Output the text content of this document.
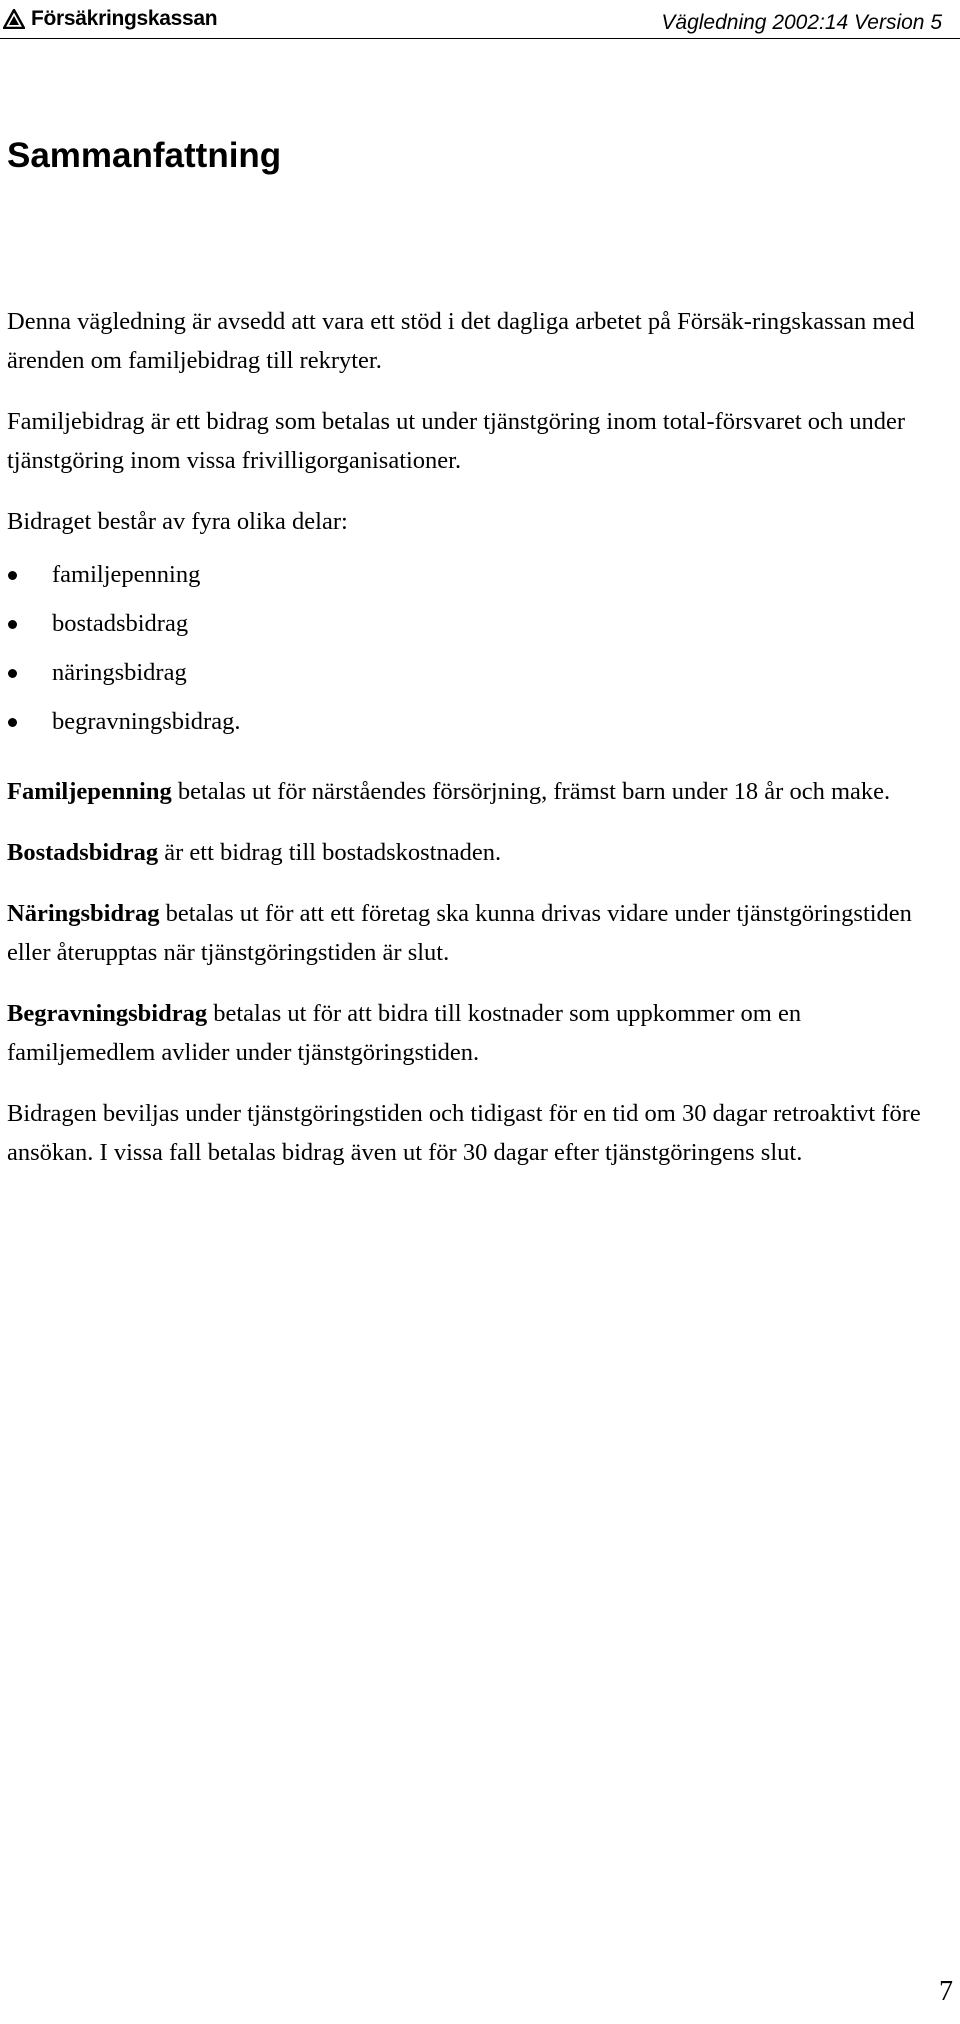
Försäkringskassan	Vägledning 2002:14 Version 5
Sammanfattning

Denna vägledning är avsedd att vara ett stöd i det dagliga arbetet på Försäk-ringskassan med ärenden om familjebidrag till rekryter.

Familjebidrag är ett bidrag som betalas ut under tjänstgöring inom total-försvaret och under tjänstgöring inom vissa frivilligorganisationer.

Bidraget består av fyra olika delar:

familjepenning
bostadsbidrag
näringsbidrag
begravningsbidrag.

Familjepenning betalas ut för närståendes försörjning, främst barn under 18 år och make.

Bostadsbidrag är ett bidrag till bostadskostnaden.

Näringsbidrag betalas ut för att ett företag ska kunna drivas vidare under tjänstgöringstiden eller återupptas när tjänstgöringstiden är slut.

Begravningsbidrag betalas ut för att bidra till kostnader som uppkommer om en familjemedlem avlider under tjänstgöringstiden.

Bidragen beviljas under tjänstgöringstiden och tidigast för en tid om 30 dagar retroaktivt före ansökan. I vissa fall betalas bidrag även ut för 30 dagar efter tjänstgöringens slut.

7
